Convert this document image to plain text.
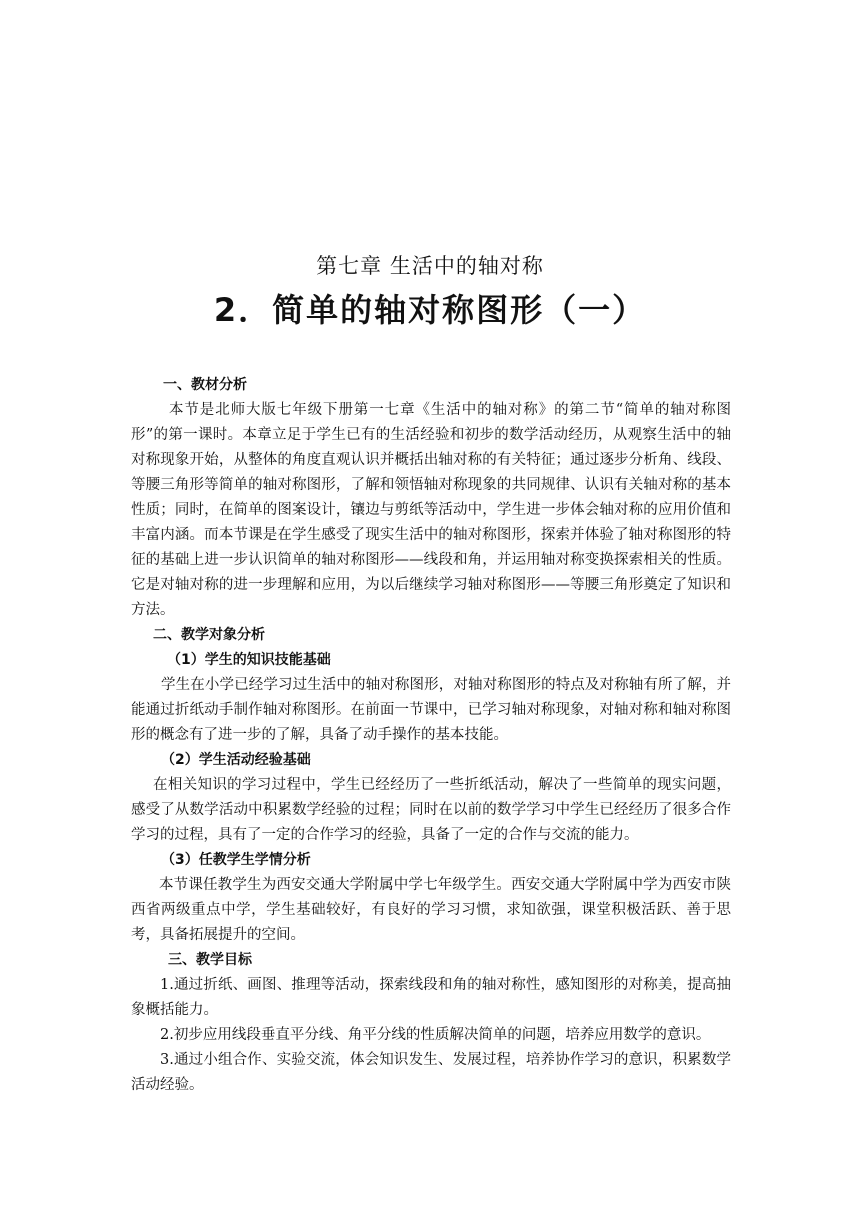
第七章 生活中的轴对称
2．简单的轴对称图形（一）
一、教材分析

本节是北师大版七年级下册第一七章《生活中的轴对称》的第二节“简单的轴对称图形”的第一课时。本章立足于学生已有的生活经验和初步的数学活动经历，从观察生活中的轴对称现象开始，从整体的角度直观认识并概括出轴对称的有关特征；通过逐步分析角、线段、等腰三角形等简单的轴对称图形，了解和领悟轴对称现象的共同规律、认识有关轴对称的基本性质；同时，在简单的图案设计，镶边与剪纸等活动中，学生进一步体会轴对称的应用价值和丰富内涵。而本节课是在学生感受了现实生活中的轴对称图形，探索并体验了轴对称图形的特征的基础上进一步认识简单的轴对称图形——线段和角，并运用轴对称变换探索相关的性质。它是对轴对称的进一步理解和应用，为以后继续学习轴对称图形——等腰三角形奠定了知识和方法。

二、教学对象分析
（1）学生的知识技能基础

学生在小学已经学习过生活中的轴对称图形，对轴对称图形的特点及对称轴有所了解，并能通过折纸动手制作轴对称图形。在前面一节课中，已学习轴对称现象，对轴对称和轴对称图形的概念有了进一步的了解，具备了动手操作的基本技能。

（2）学生活动经验基础

在相关知识的学习过程中，学生已经经历了一些折纸活动，解决了一些简单的现实问题，感受了从数学活动中积累数学经验的过程；同时在以前的数学学习中学生已经经历了很多合作学习的过程，具有了一定的合作学习的经验，具备了一定的合作与交流的能力。

（3）任教学生学情分析

本节课任教学生为西安交通大学附属中学七年级学生。西安交通大学附属中学为西安市陕西省两级重点中学，学生基础较好，有良好的学习习惯，求知欲强，课堂积极活跃、善于思考，具备拓展提升的空间。

三、教学目标

1.通过折纸、画图、推理等活动，探索线段和角的轴对称性，感知图形的对称美，提高抽象概括能力。

2.初步应用线段垂直平分线、角平分线的性质解决简单的问题，培养应用数学的意识。

3.通过小组合作、实验交流，体会知识发生、发展过程，培养协作学习的意识，积累数学活动经验。
